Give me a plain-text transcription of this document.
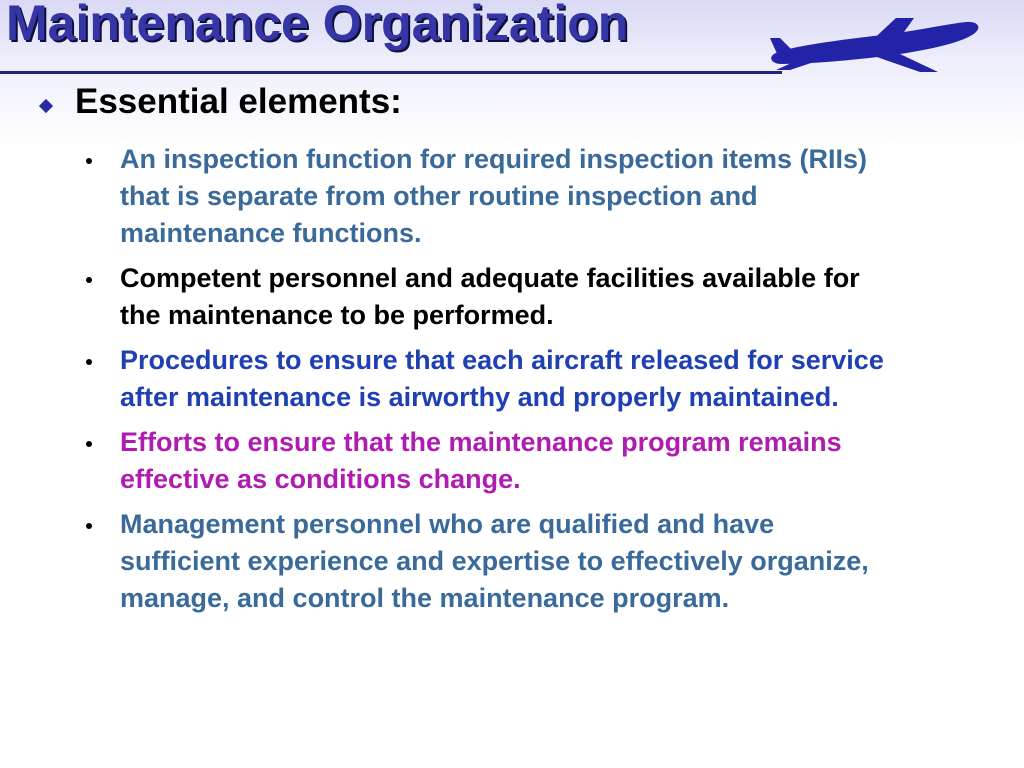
Maintenance Organization
Essential elements:
An inspection function for required inspection items (RIIs) that is separate from other routine inspection and maintenance functions.
Competent personnel and adequate facilities available for the maintenance to be performed.
Procedures to ensure that each aircraft released for service after maintenance is airworthy and properly maintained.
Efforts to ensure that the maintenance program remains effective as conditions change.
Management personnel who are qualified and have sufficient experience and expertise to effectively organize, manage, and control the maintenance program.
